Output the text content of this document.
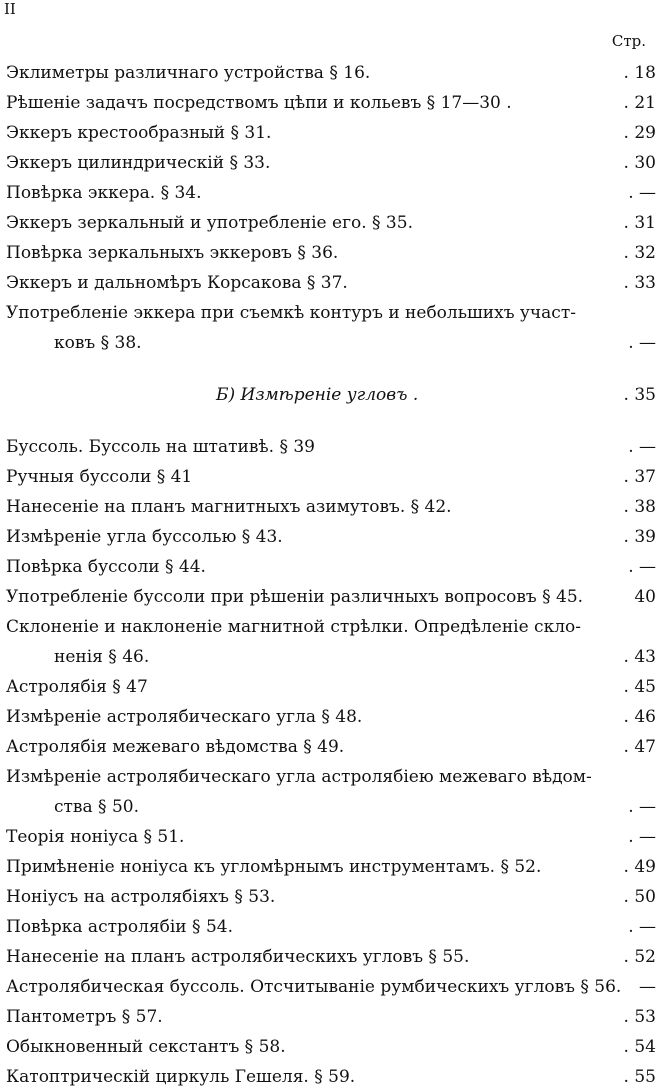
II
Стр.
Эклиметры различнаго устройства § 16.	. 18
Рѣшеніе задачъ посредствомъ цѣпи и кольевъ § 17—30 .	. 21
Эккеръ крестообразный § 31.	. 29
Эккеръ цилиндрическій § 33.	. 30
Повѣрка эккера. § 34.	. —
Эккеръ зеркальный и употребленіе его. § 35.	. 31
Повѣрка зеркальныхъ эккеровъ § 36.	. 32
Эккеръ и дальномѣръ Корсакова § 37.	. 33
Употребленіе эккера при съемкѣ контуръ и небольшихъ участ-
ковъ § 38.	. —
Б) Измѣреніе угловъ .	. 35
Буссоль. Буссоль на штативѣ. § 39	. —
Ручныя буссоли § 41	. 37
Нанесеніе на планъ магнитныхъ азимутовъ. § 42.	. 38
Измѣреніе угла буссолью § 43.	. 39
Повѣрка буссоли § 44.	. —
Употребленіе буссоли при рѣшеніи различныхъ вопросовъ § 45.	40
Склоненіе и наклоненіе магнитной стрѣлки. Опредѣленіе скло-
ненія § 46.	. 43
Астролябія § 47	. 45
Измѣреніе астролябическаго угла § 48.	. 46
Астролябія межеваго вѣдомства § 49.	. 47
Измѣреніе астролябическаго угла астролябіею межеваго вѣдом-
ства § 50.	. —
Теорія ноніуса § 51.	. —
Примѣненіе ноніуса къ угломѣрнымъ инструментамъ. § 52.	. 49
Ноніусъ на астролябіяхъ § 53.	. 50
Повѣрка астролябіи § 54.	. —
Нанесеніе на планъ астролябическихъ угловъ § 55.	. 52
Астролябическая буссоль. Отсчитываніе румбическихъ угловъ § 56. —
Пантометръ § 57.	. 53
Обыкновенный секстантъ § 58.	. 54
Катоптрическій циркуль Гешеля. § 59.	. 55
